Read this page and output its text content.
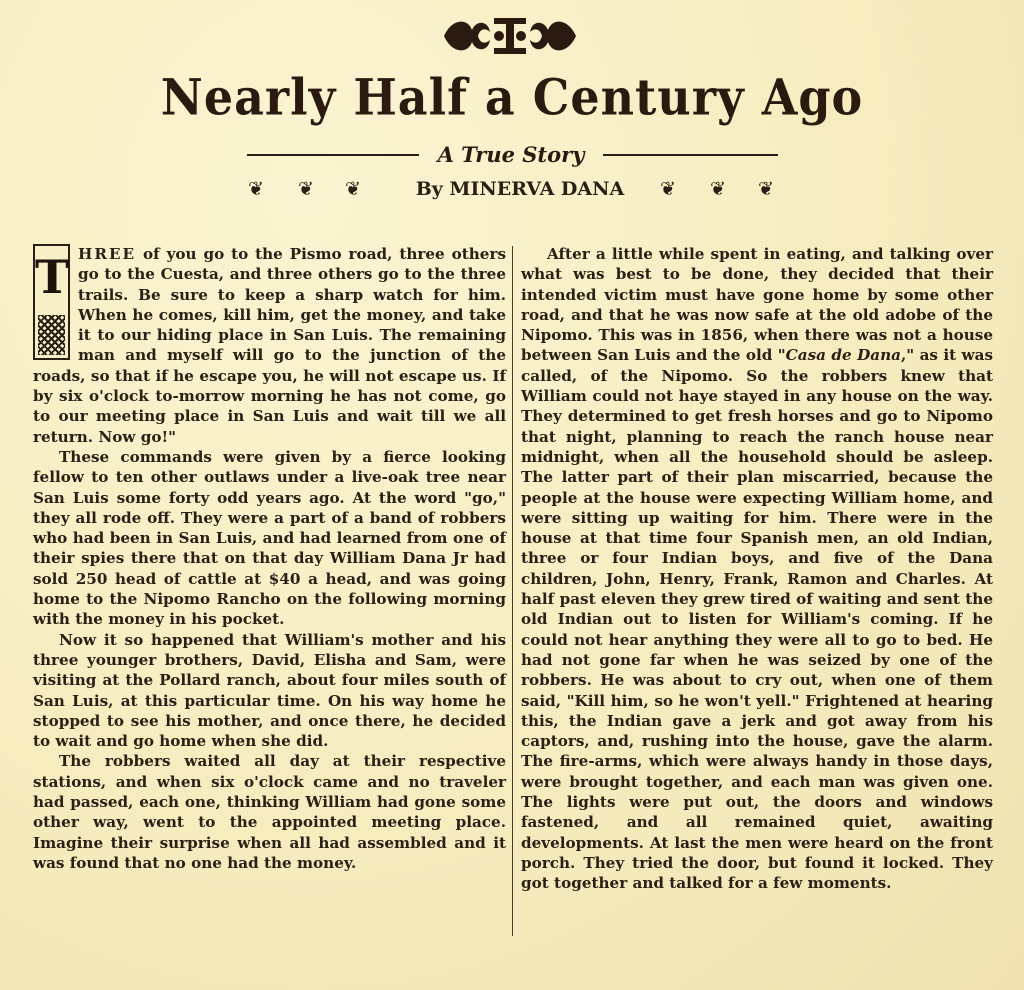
Nearly Half a Century Ago
A True Story
❦ ❦ ❦	By MINERVA DANA	❦ ❦ ❦

T HREE of you go to the Pismo road, three others go to the Cuesta, and three others go to the three trails. Be sure to keep a sharp watch for him. When he comes, kill him, get the money, and take it to our hiding place in San Luis. The remaining man and myself will go to the junction of the roads, so that if he escape you, he will not escape us. If by six o'clock to-morrow morning he has not come, go to our meeting place in San Luis and wait till we all return. Now go!"

These commands were given by a fierce looking fellow to ten other outlaws under a live-oak tree near San Luis some forty odd years ago. At the word "go," they all rode off. They were a part of a band of robbers who had been in San Luis, and had learned from one of their spies there that on that day William Dana Jr had sold 250 head of cattle at $40 a head, and was going home to the Nipomo Rancho on the following morning with the money in his pocket.

Now it so happened that William's mother and his three younger brothers, David, Elisha and Sam, were visiting at the Pollard ranch, about four miles south of San Luis, at this particular time. On his way home he stopped to see his mother, and once there, he decided to wait and go home when she did.

The robbers waited all day at their respective stations, and when six o'clock came and no traveler had passed, each one, thinking William had gone some other way, went to the appointed meeting place. Imagine their surprise when all had assembled and it was found that no one had the money.

After a little while spent in eating, and talking over what was best to be done, they decided that their intended victim must have gone home by some other road, and that he was now safe at the old adobe of the Nipomo. This was in 1856, when there was not a house between San Luis and the old "Casa de Dana," as it was called, of the Nipomo. So the robbers knew that William could not haye stayed in any house on the way. They determined to get fresh horses and go to Nipomo that night, planning to reach the ranch house near midnight, when all the household should be asleep. The latter part of their plan miscarried, because the people at the house were expecting William home, and were sitting up waiting for him. There were in the house at that time four Spanish men, an old Indian, three or four Indian boys, and five of the Dana children, John, Henry, Frank, Ramon and Charles. At half past eleven they grew tired of waiting and sent the old Indian out to listen for William's coming. If he could not hear anything they were all to go to bed. He had not gone far when he was seized by one of the robbers. He was about to cry out, when one of them said, "Kill him, so he won't yell." Frightened at hearing this, the Indian gave a jerk and got away from his captors, and, rushing into the house, gave the alarm. The fire-arms, which were always handy in those days, were brought together, and each man was given one. The lights were put out, the doors and windows fastened, and all remained quiet, awaiting developments. At last the men were heard on the front porch. They tried the door, but found it locked. They got together and talked for a few moments.
